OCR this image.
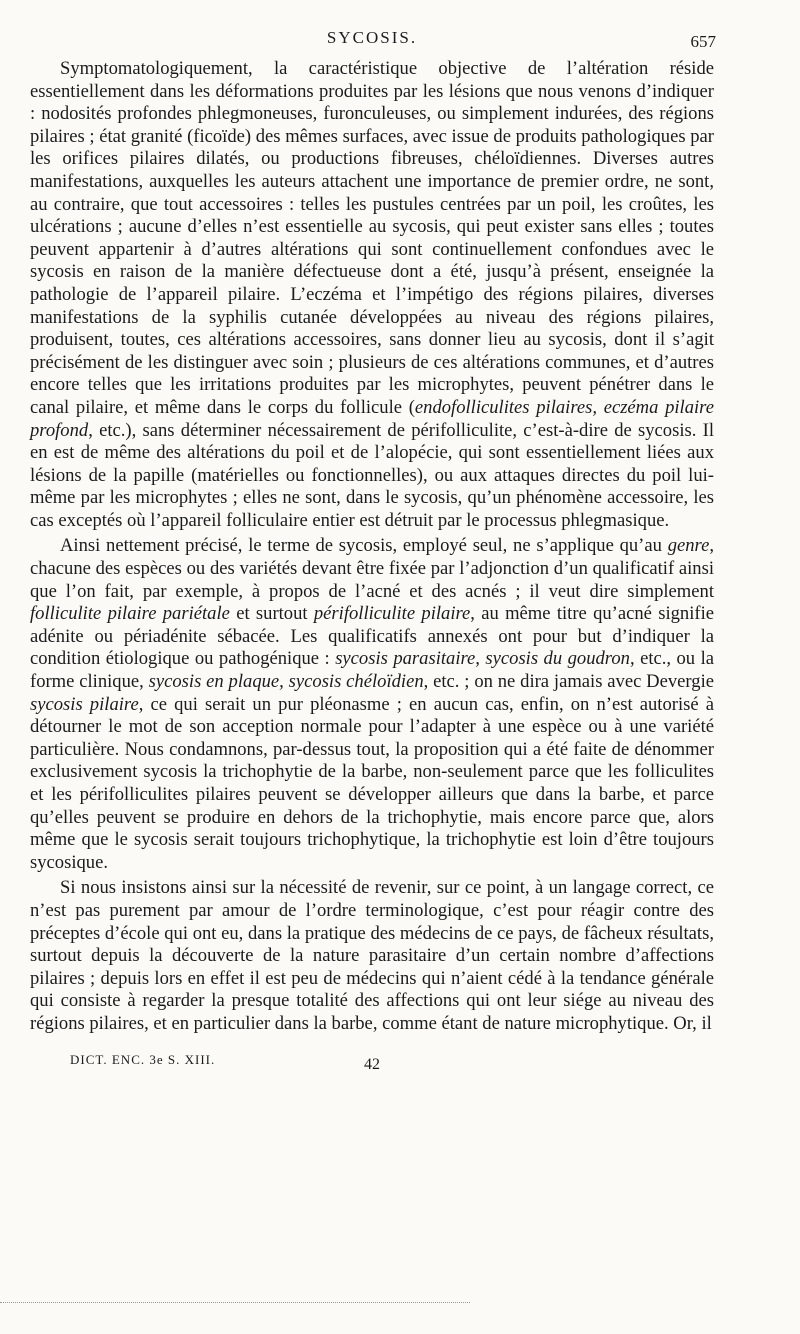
SYCOSIS.	657

Symptomatologiquement, la caractéristique objective de l’altération réside essentiellement dans les déformations produites par les lésions que nous venons d’indiquer : nodosités profondes phlegmoneuses, furonculeuses, ou simplement indurées, des régions pilaires ; état granité (ficoïde) des mêmes surfaces, avec issue de produits pathologiques par les orifices pilaires dilatés, ou productions fibreuses, chéloïdiennes. Diverses autres manifestations, auxquelles les auteurs attachent une importance de premier ordre, ne sont, au contraire, que tout accessoires : telles les pustules centrées par un poil, les croûtes, les ulcérations ; aucune d’elles n’est essentielle au sycosis, qui peut exister sans elles ; toutes peuvent appartenir à d’autres altérations qui sont continuellement confondues avec le sycosis en raison de la manière défectueuse dont a été, jusqu’à présent, enseignée la pathologie de l’appareil pilaire. L’eczéma et l’impétigo des régions pilaires, diverses manifestations de la syphilis cutanée développées au niveau des régions pilaires, produisent, toutes, ces altérations accessoires, sans donner lieu au sycosis, dont il s’agit précisément de les distinguer avec soin ; plusieurs de ces altérations communes, et d’autres encore telles que les irritations produites par les microphytes, peuvent pénétrer dans le canal pilaire, et même dans le corps du follicule (endofolliculites pilaires, eczéma pilaire profond, etc.), sans déterminer nécessairement de périfolliculite, c’est-à-dire de sycosis. Il en est de même des altérations du poil et de l’alopécie, qui sont essentiellement liées aux lésions de la papille (matérielles ou fonctionnelles), ou aux attaques directes du poil lui-même par les microphytes ; elles ne sont, dans le sycosis, qu’un phénomène accessoire, les cas exceptés où l’appareil folliculaire entier est détruit par le processus phlegmasique.

Ainsi nettement précisé, le terme de sycosis, employé seul, ne s’applique qu’au genre, chacune des espèces ou des variétés devant être fixée par l’adjonction d’un qualificatif ainsi que l’on fait, par exemple, à propos de l’acné et des acnés ; il veut dire simplement folliculite pilaire pariétale et surtout périfolliculite pilaire, au même titre qu’acné signifie adénite ou périadénite sébacée. Les qualificatifs annexés ont pour but d’indiquer la condition étiologique ou pathogénique : sycosis parasitaire, sycosis du goudron, etc., ou la forme clinique, sycosis en plaque, sycosis chéloïdien, etc. ; on ne dira jamais avec Devergie sycosis pilaire, ce qui serait un pur pléonasme ; en aucun cas, enfin, on n’est autorisé à détourner le mot de son acception normale pour l’adapter à une espèce ou à une variété particulière. Nous condamnons, par-dessus tout, la proposition qui a été faite de dénommer exclusivement sycosis la trichophytie de la barbe, non-seulement parce que les folliculites et les périfolliculites pilaires peuvent se développer ailleurs que dans la barbe, et parce qu’elles peuvent se produire en dehors de la trichophytie, mais encore parce que, alors même que le sycosis serait toujours trichophytique, la trichophytie est loin d’être toujours sycosique.

Si nous insistons ainsi sur la nécessité de revenir, sur ce point, à un langage correct, ce n’est pas purement par amour de l’ordre terminologique, c’est pour réagir contre des préceptes d’école qui ont eu, dans la pratique des médecins de ce pays, de fâcheux résultats, surtout depuis la découverte de la nature parasitaire d’un certain nombre d’affections pilaires ; depuis lors en effet il est peu de médecins qui n’aient cédé à la tendance générale qui consiste à regarder la presque totalité des affections qui ont leur siége au niveau des régions pilaires, et en particulier dans la barbe, comme étant de nature microphytique. Or, il

DICT. ENC. 3e S. XIII.	42
